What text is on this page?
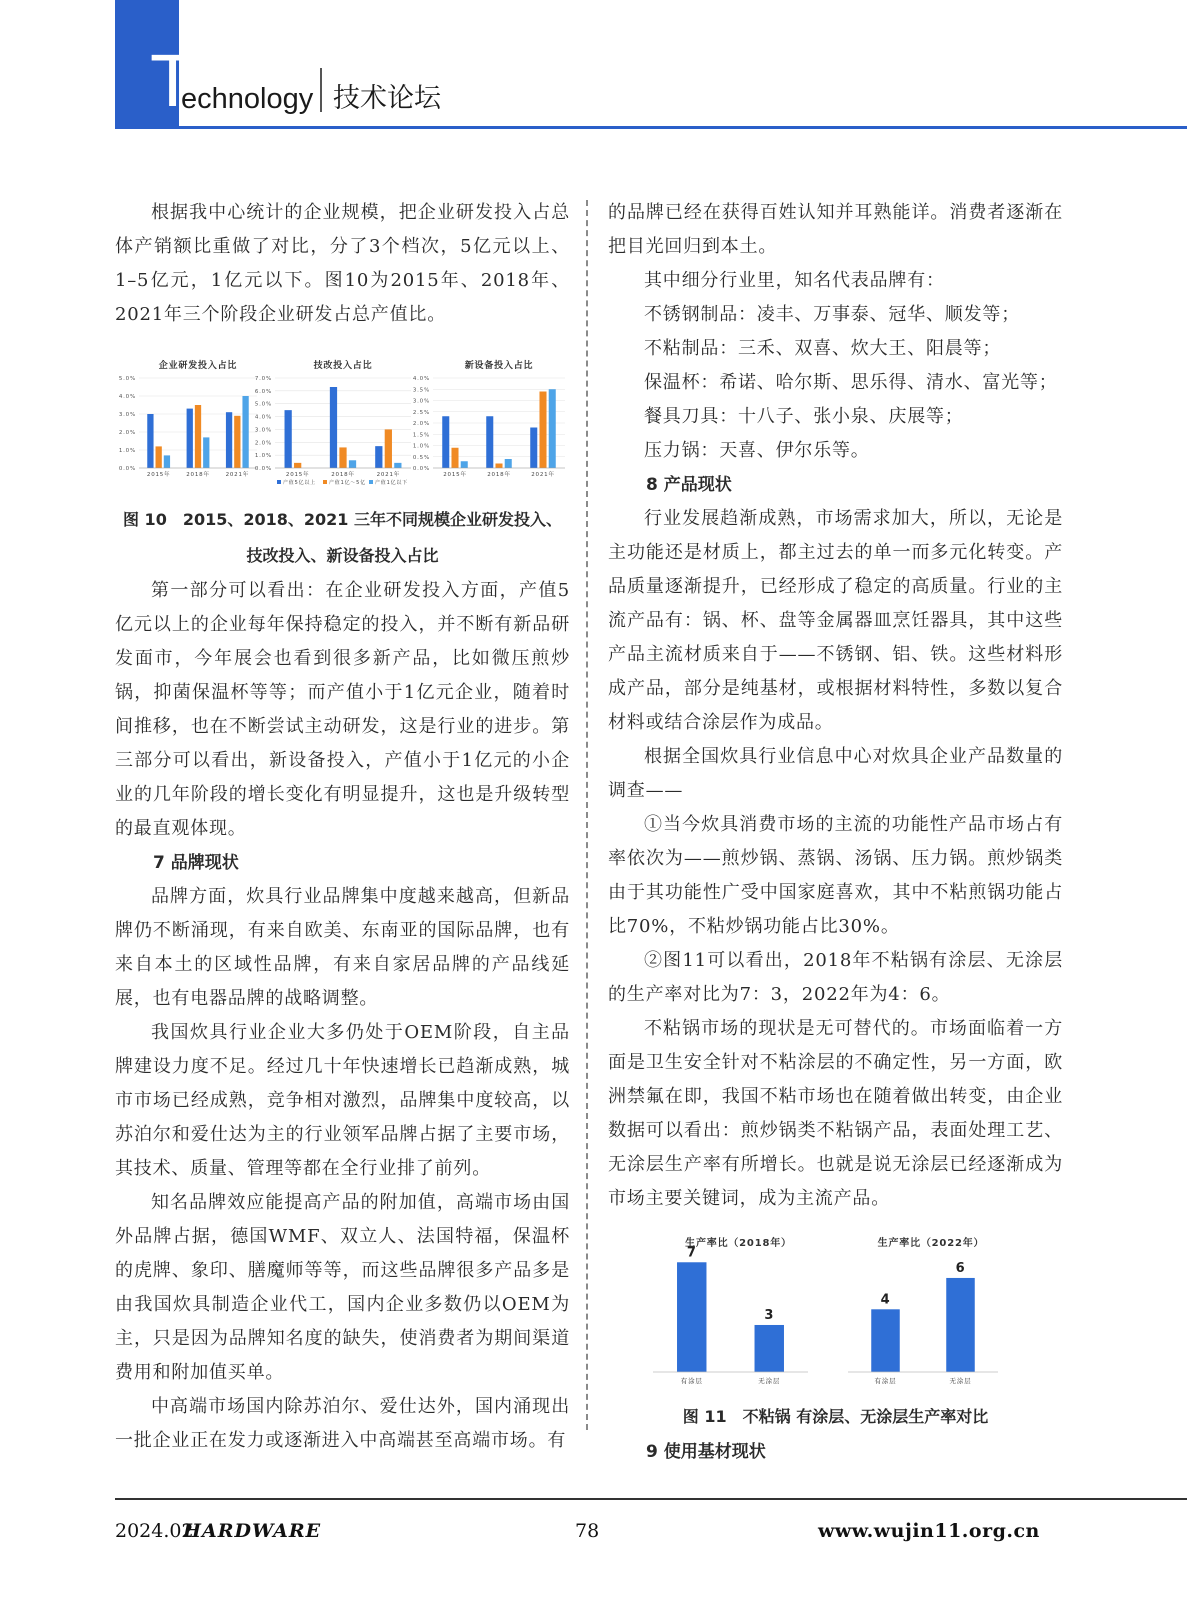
T
echnology 技术论坛

根据我中心统计的企业规模，把企业研发投入占总体产销额比重做了对比，分了3个档次，5亿元以上、1–5亿元，1亿元以下。图10为2015年、2018年、2021年三个阶段企业研发占总产值比。

企业研发投入占比
0.0%
1.0%
2.0%
3.0%
4.0%
5.0%
2015年	2018年	2021年
技改投入占比
0.0%
1.0%
2.0%
3.0%
4.0%
5.0%
6.0%
7.0%
2015年	2018年	2021年
产值5亿以上	产值1亿～5亿 产值1亿以下
新设备投入占比
0.0%
0.5%
1.0%
1.5%
2.0%
2.5%
3.0%
3.5%
4.0%
2015年	2018年	2021年
图 10　2015、2018、2021 三年不同规模企业研发投入、
技改投入、新设备投入占比

第一部分可以看出：在企业研发投入方面，产值5亿元以上的企业每年保持稳定的投入，并不断有新品研发面市，今年展会也看到很多新产品，比如微压煎炒锅，抑菌保温杯等等；而产值小于1亿元企业，随着时间推移，也在不断尝试主动研发，这是行业的进步。第三部分可以看出，新设备投入，产值小于1亿元的小企业的几年阶段的增长变化有明显提升，这也是升级转型的最直观体现。

7 品牌现状

品牌方面，炊具行业品牌集中度越来越高，但新品牌仍不断涌现，有来自欧美、东南亚的国际品牌，也有来自本土的区域性品牌，有来自家居品牌的产品线延展，也有电器品牌的战略调整。

我国炊具行业企业大多仍处于OEM阶段，自主品牌建设力度不足。经过几十年快速增长已趋渐成熟，城市市场已经成熟，竞争相对激烈，品牌集中度较高，以苏泊尔和爱仕达为主的行业领军品牌占据了主要市场，其技术、质量、管理等都在全行业排了前列。

知名品牌效应能提高产品的附加值，高端市场由国外品牌占据，德国WMF、双立人、法国特福，保温杯的虎牌、象印、膳魔师等等，而这些品牌很多产品多是由我国炊具制造企业代工，国内企业多数仍以OEM为主，只是因为品牌知名度的缺失，使消费者为期间渠道费用和附加值买单。

中高端市场国内除苏泊尔、爱仕达外，国内涌现出一批企业正在发力或逐渐进入中高端甚至高端市场。有

的品牌已经在获得百姓认知并耳熟能详。消费者逐渐在把目光回归到本土。

其中细分行业里，知名代表品牌有：

不锈钢制品：凌丰、万事泰、冠华、顺发等；

不粘制品：三禾、双喜、炊大王、阳晨等；

保温杯：希诺、哈尔斯、思乐得、清水、富光等；

餐具刀具：十八子、张小泉、庆展等；

压力锅：天喜、伊尔乐等。

8 产品现状

行业发展趋渐成熟，市场需求加大，所以，无论是主功能还是材质上，都主过去的单一而多元化转变。产品质量逐渐提升，已经形成了稳定的高质量。行业的主流产品有：锅、杯、盘等金属器皿烹饪器具，其中这些产品主流材质来自于——不锈钢、铝、铁。这些材料形成产品，部分是纯基材，或根据材料特性，多数以复合材料或结合涂层作为成品。

根据全国炊具行业信息中心对炊具企业产品数量的调查——

①当今炊具消费市场的主流的功能性产品市场占有率依次为——煎炒锅、蒸锅、汤锅、压力锅。煎炒锅类由于其功能性广受中国家庭喜欢，其中不粘煎锅功能占比70%，不粘炒锅功能占比30%。

②图11可以看出，2018年不粘锅有涂层、无涂层的生产率对比为7：3，2022年为4：6。

不粘锅市场的现状是无可替代的。市场面临着一方面是卫生安全针对不粘涂层的不确定性，另一方面，欧洲禁氟在即，我国不粘市场也在随着做出转变，由企业数据可以看出：煎炒锅类不粘锅产品，表面处理工艺、无涂层生产率有所增长。也就是说无涂层已经逐渐成为市场主要关键词，成为主流产品。

生产率比（2018年）
7
有涂层
3
无涂层
生产率比（2022年）
4
有涂层
6
无涂层
图 11　不粘锅 有涂层、无涂层生产率对比
9 使用基材现状
2024.02
HARDWARE	78	www.wujin11.org.cn
